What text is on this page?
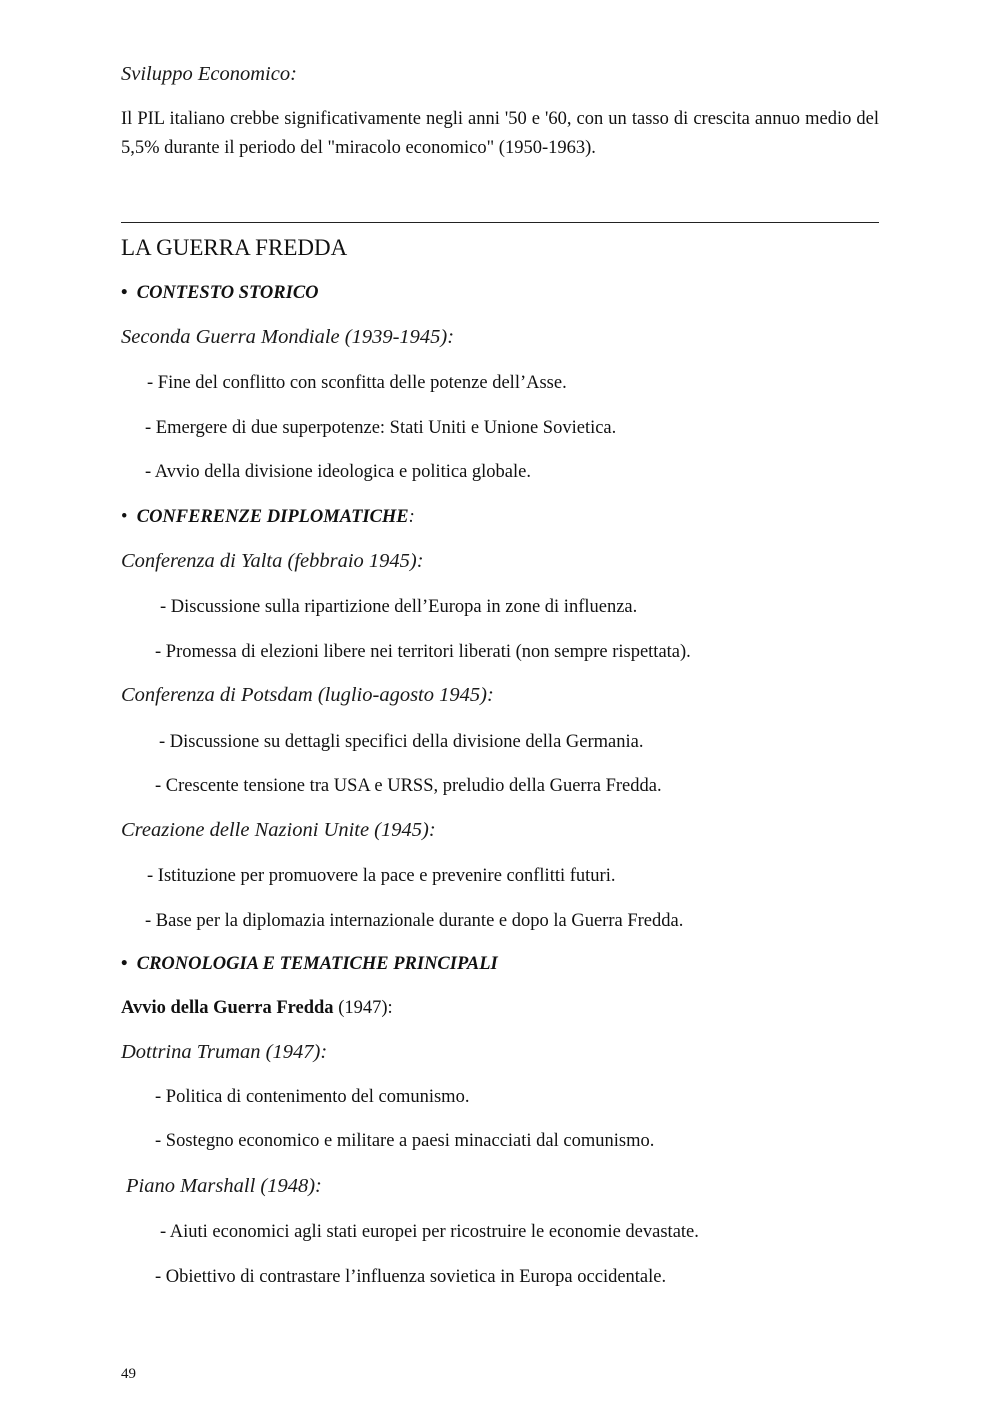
Sviluppo Economico:
Il PIL italiano crebbe significativamente negli anni '50 e '60, con un tasso di crescita annuo medio del 5,5% durante il periodo del "miracolo economico" (1950-1963).
LA GUERRA FREDDA
• CONTESTO STORICO
Seconda Guerra Mondiale (1939-1945):
- Fine del conflitto con sconfitta delle potenze dell’Asse.
- Emergere di due superpotenze: Stati Uniti e Unione Sovietica.
- Avvio della divisione ideologica e politica globale.
• CONFERENZE DIPLOMATICHE:
Conferenza di Yalta (febbraio 1945):
- Discussione sulla ripartizione dell’Europa in zone di influenza.
- Promessa di elezioni libere nei territori liberati (non sempre rispettata).
Conferenza di Potsdam (luglio-agosto 1945):
- Discussione su dettagli specifici della divisione della Germania.
- Crescente tensione tra USA e URSS, preludio della Guerra Fredda.
Creazione delle Nazioni Unite (1945):
- Istituzione per promuovere la pace e prevenire conflitti futuri.
- Base per la diplomazia internazionale durante e dopo la Guerra Fredda.
• CRONOLOGIA E TEMATICHE PRINCIPALI
Avvio della Guerra Fredda (1947):
Dottrina Truman (1947):
- Politica di contenimento del comunismo.
- Sostegno economico e militare a paesi minacciati dal comunismo.
Piano Marshall (1948):
- Aiuti economici agli stati europei per ricostruire le economie devastate.
- Obiettivo di contrastare l’influenza sovietica in Europa occidentale.
49
